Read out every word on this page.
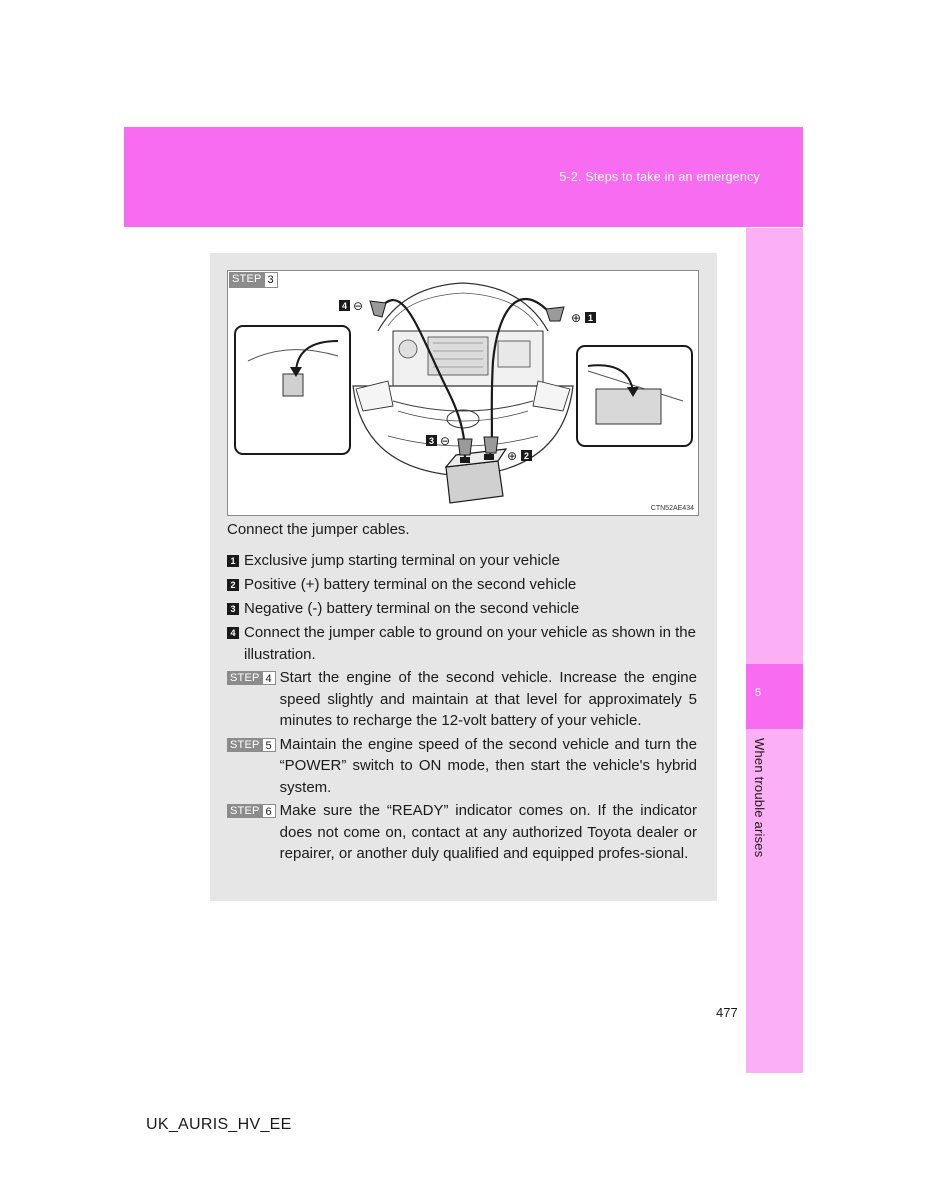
5-2. Steps to take in an emergency
5
When trouble arises
4 ⊖
⊕ 1
3 ⊖
⊕ 2
STEP 3
CTN52AE434
Connect the jumper cables.
1 Exclusive jump starting terminal on your vehicle
2 Positive (+) battery terminal on the second vehicle
3 Negative (-) battery terminal on the second vehicle
4 Connect the jumper cable to ground on your vehicle as shown in the illustration.
STEP 4 Start the engine of the second vehicle. Increase the engine speed slightly and maintain at that level for approximately 5 minutes to recharge the 12-volt battery of your vehicle.
STEP 5 Maintain the engine speed of the second vehicle and turn the “POWER” switch to ON mode, then start the vehicle's hybrid system.
STEP 6 Make sure the “READY” indicator comes on. If the indicator does not come on, contact at any authorized Toyota dealer or repairer, or another duly qualified and equipped profes-sional.
477
UK_AURIS_HV_EE
